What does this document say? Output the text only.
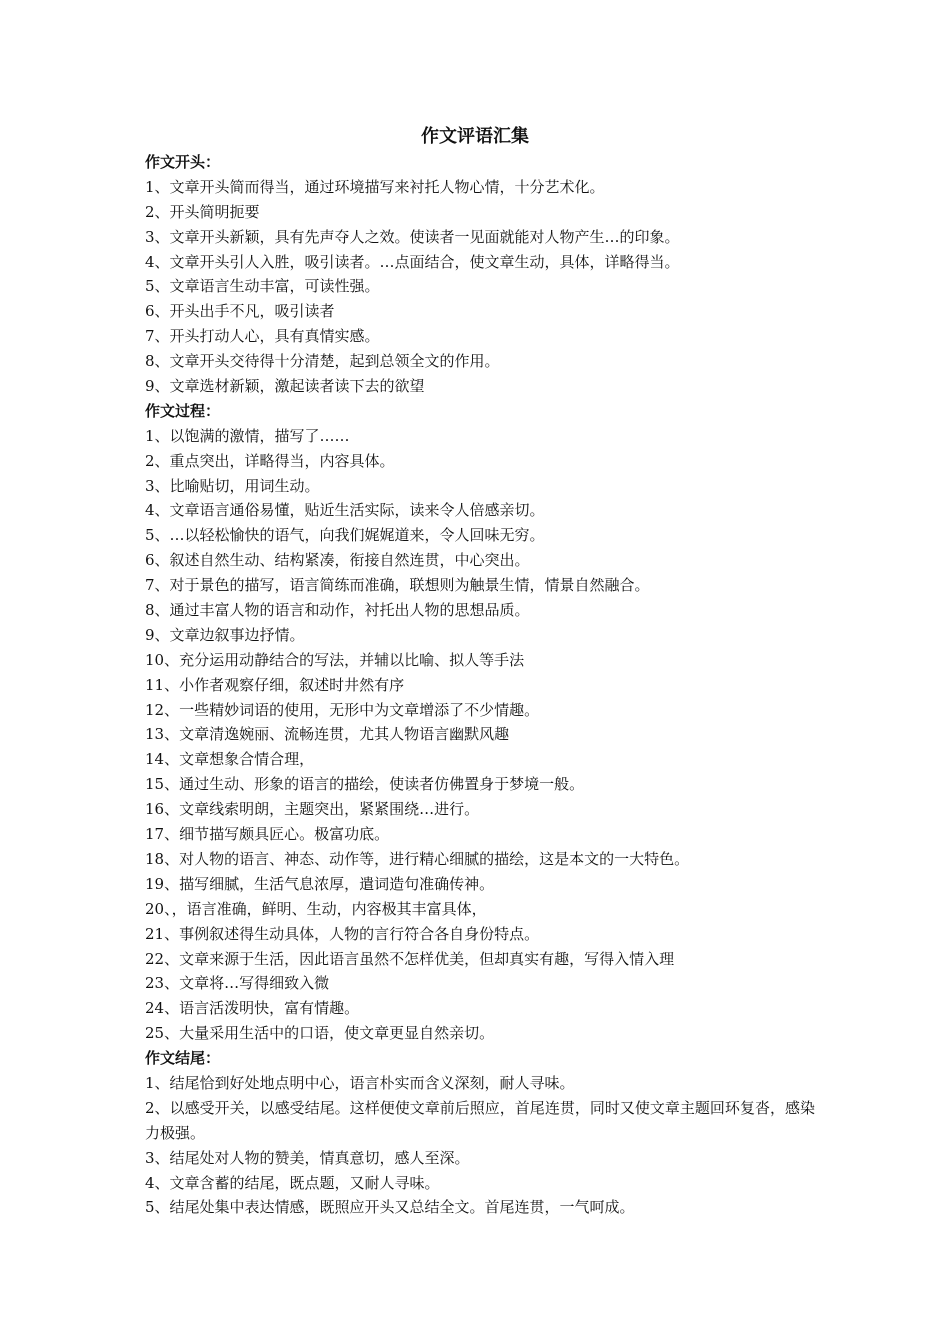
作文评语汇集
作文开头：
1、文章开头简而得当，通过环境描写来衬托人物心情，十分艺术化。
2、开头简明扼要
3、文章开头新颖，具有先声夺人之效。使读者一见面就能对人物产生…的印象。
4、文章开头引人入胜，吸引读者。…点面结合，使文章生动，具体，详略得当。
5、文章语言生动丰富，可读性强。
6、开头出手不凡，吸引读者
7、开头打动人心，具有真情实感。
8、文章开头交待得十分清楚，起到总领全文的作用。
9、文章选材新颖，激起读者读下去的欲望
作文过程：
1、以饱满的激情，描写了……
2、重点突出，详略得当，内容具体。
3、比喻贴切，用词生动。
4、文章语言通俗易懂，贴近生活实际，读来令人倍感亲切。
5、…以轻松愉快的语气，向我们娓娓道来，令人回味无穷。
6、叙述自然生动、结构紧凑，衔接自然连贯，中心突出。
7、对于景色的描写，语言简练而准确，联想则为触景生情，情景自然融合。
8、通过丰富人物的语言和动作，衬托出人物的思想品质。
9、文章边叙事边抒情。
10、充分运用动静结合的写法，并辅以比喻、拟人等手法
11、小作者观察仔细，叙述时井然有序
12、一些精妙词语的使用，无形中为文章增添了不少情趣。
13、文章清逸婉丽、流畅连贯，尤其人物语言幽默风趣
14、文章想象合情合理，
15、通过生动、形象的语言的描绘，使读者仿佛置身于梦境一般。
16、文章线索明朗，主题突出，紧紧围绕…进行。
17、细节描写颇具匠心。极富功底。
18、对人物的语言、神态、动作等，进行精心细腻的描绘，这是本文的一大特色。
19、描写细腻，生活气息浓厚，遣词造句准确传神。
20、，语言准确，鲜明、生动，内容极其丰富具体，
21、事例叙述得生动具体，人物的言行符合各自身份特点。
22、文章来源于生活，因此语言虽然不怎样优美，但却真实有趣，写得入情入理
23、文章将…写得细致入微
24、语言活泼明快，富有情趣。
25、大量采用生活中的口语，使文章更显自然亲切。
作文结尾：
1、结尾恰到好处地点明中心，语言朴实而含义深刻，耐人寻味。
2、以感受开关，以感受结尾。这样便使文章前后照应，首尾连贯，同时又使文章主题回环复沓，感染力极强。
3、结尾处对人物的赞美，情真意切，感人至深。
4、文章含蓄的结尾，既点题，又耐人寻味。
5、结尾处集中表达情感，既照应开头又总结全文。首尾连贯，一气呵成。
